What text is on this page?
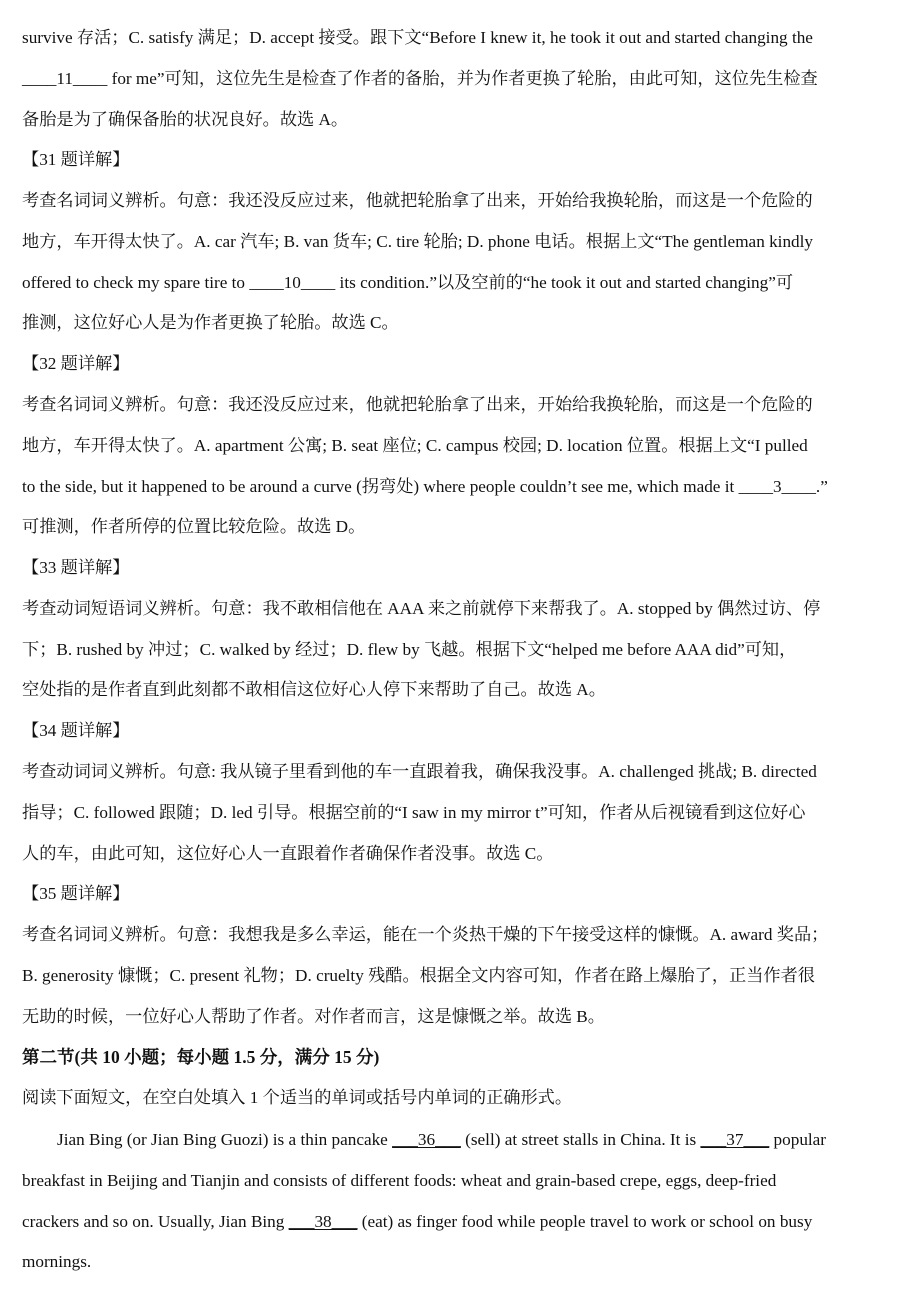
survive 存活；C. satisfy 满足；D. accept 接受。跟下文“Before I knew it, he took it out and started changing the
____11____ for me”可知，这位先生是检查了作者的备胎，并为作者更换了轮胎，由此可知，这位先生检查
备胎是为了确保备胎的状况良好。故选 A。
【31 题详解】
考查名词词义辨析。句意：我还没反应过来，他就把轮胎拿了出来，开始给我换轮胎，而这是一个危险的
地方，车开得太快了。A. car 汽车; B. van 货车; C. tire 轮胎; D. phone 电话。根据上文“The gentleman kindly
offered to check my spare tire to ____10____ its condition.”以及空前的“he took it out and started changing”可
推测，这位好心人是为作者更换了轮胎。故选 C。
【32 题详解】
考查名词词义辨析。句意：我还没反应过来，他就把轮胎拿了出来，开始给我换轮胎，而这是一个危险的
地方，车开得太快了。A. apartment 公寓; B. seat 座位; C. campus 校园; D. location 位置。根据上文“I pulled
to the side, but it happened to be around a curve (拐弯处) where people couldn’t see me, which made it ____3____.”
可推测，作者所停的位置比较危险。故选 D。
【33 题详解】
考查动词短语词义辨析。句意：我不敢相信他在 AAA 来之前就停下来帮我了。A. stopped by 偶然过访、停
下；B. rushed by 冲过；C. walked by 经过；D. flew by 飞越。根据下文“helped me before AAA did”可知，
空处指的是作者直到此刻都不敢相信这位好心人停下来帮助了自己。故选 A。
【34 题详解】
考查动词词义辨析。句意: 我从镜子里看到他的车一直跟着我，确保我没事。A. challenged 挑战; B. directed
指导；C. followed 跟随；D. led 引导。根据空前的“I saw in my mirror t”可知，作者从后视镜看到这位好心
人的车，由此可知，这位好心人一直跟着作者确保作者没事。故选 C。
【35 题详解】
考查名词词义辨析。句意：我想我是多么幸运，能在一个炎热干燥的下午接受这样的慷慨。A. award 奖品；
B. generosity 慷慨；C. present 礼物；D. cruelty 残酷。根据全文内容可知，作者在路上爆胎了，正当作者很
无助的时候，一位好心人帮助了作者。对作者而言，这是慷慨之举。故选 B。
第二节(共 10 小题；每小题 1.5 分，满分 15 分)
阅读下面短文，在空白处填入 1 个适当的单词或括号内单词的正确形式。
Jian Bing (or Jian Bing Guozi) is a thin pancake ___36___ (sell) at street stalls in China. It is ___37___ popular
breakfast in Beijing and Tianjin and consists of different foods: wheat and grain-based crepe, eggs, deep-fried
crackers and so on. Usually, Jian Bing ___38___ (eat) as finger food while people travel to work or school on busy
mornings.
